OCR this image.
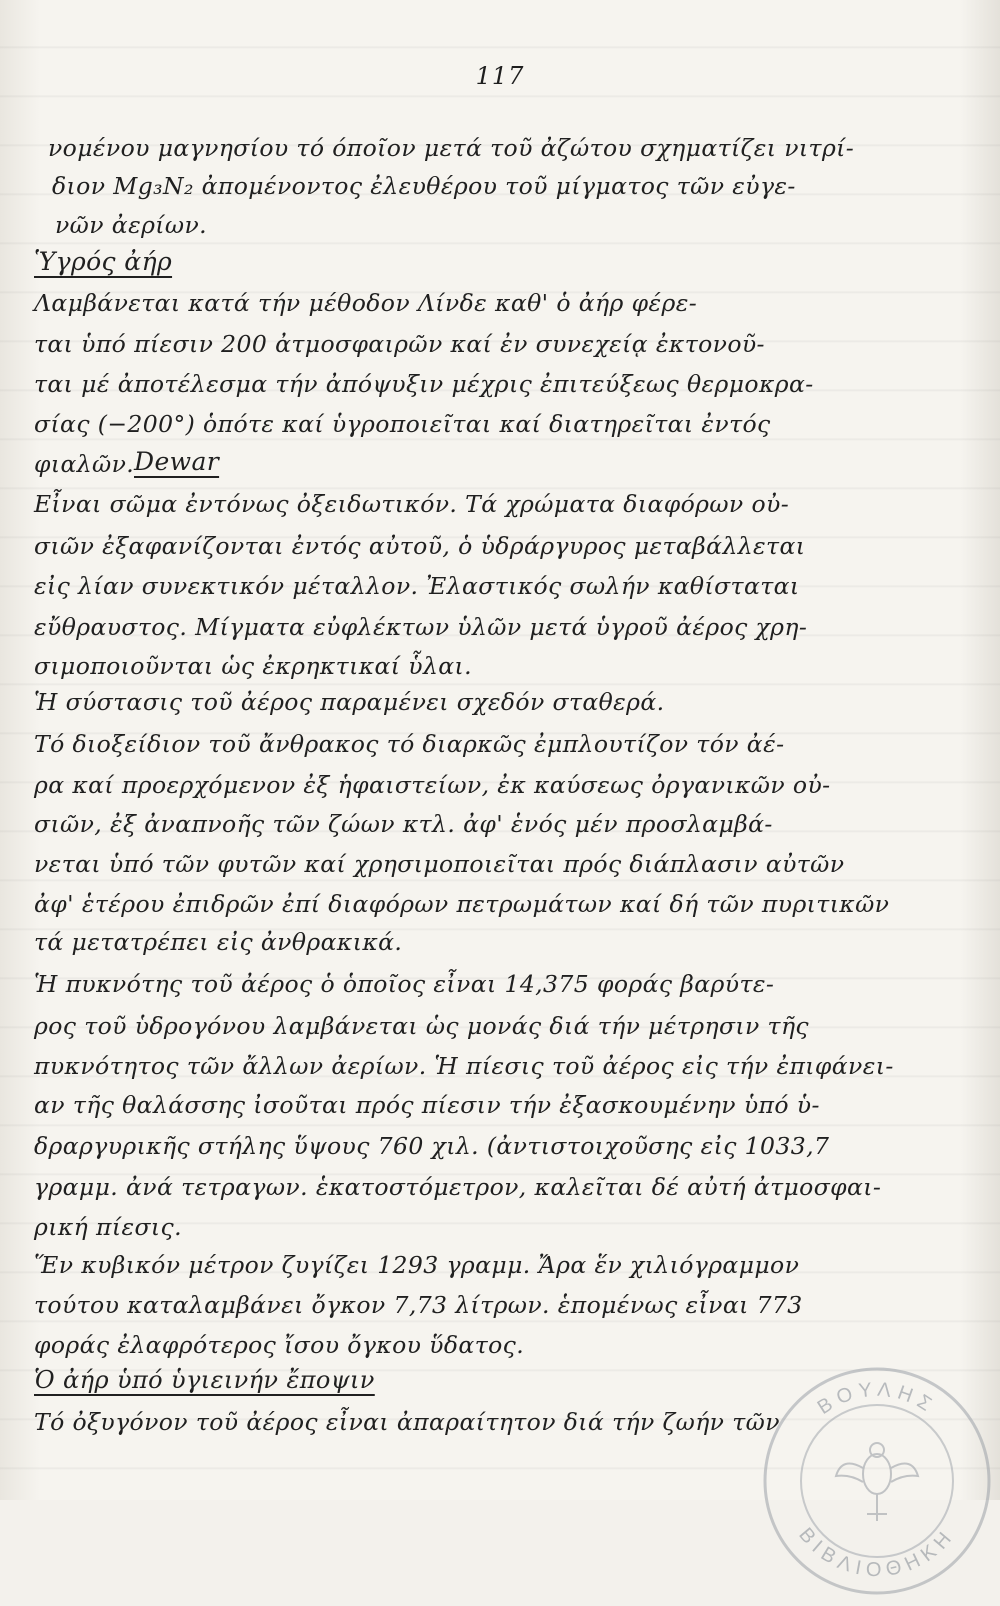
117
νομένου μαγνησίου τό όποῖον μετά τοῦ ἀζώτου σχηματίζει νιτρί-
διον Mg₃N₂ ἀπομένοντος ἐλευθέρου τοῦ μίγματος τῶν εὐγε-
νῶν ἀερίων.
Ὑγρός ἀήρ
Λαμβάνεται κατά τήν μέθοδον Λίνδε καθ' ὁ ἀήρ φέρε-
ται ὑπό πίεσιν 200 ἀτμοσφαιρῶν καί ἐν συνεχείᾳ ἐκτονοῦ-
ται μέ ἀποτέλεσμα τήν ἀπόψυξιν μέχρις ἐπιτεύξεως θερμοκρα-
σίας (−200°) ὁπότε καί ὑγροποιεῖται καί διατηρεῖται ἐντός
φιαλῶν. Dewar
Εἶναι σῶμα ἐντόνως ὀξειδωτικόν. Τά χρώματα διαφόρων οὐ-
σιῶν ἐξαφανίζονται ἐντός αὐτοῦ, ὁ ὑδράργυρος μεταβάλλεται
εἰς λίαν συνεκτικόν μέταλλον. Ἐλαστικός σωλήν καθίσταται
εὔθραυστος. Μίγματα εὐφλέκτων ὑλῶν μετά ὑγροῦ ἀέρος χρη-
σιμοποιοῦνται ὡς ἐκρηκτικαί ὗλαι.
Ἡ σύστασις τοῦ ἀέρος παραμένει σχεδόν σταθερά.
Τό διοξείδιον τοῦ ἄνθρακος τό διαρκῶς ἐμπλουτίζον τόν ἀέ-
ρα καί προερχόμενον ἐξ ἡφαιστείων, ἐκ καύσεως ὀργανικῶν οὐ-
σιῶν, ἐξ ἀναπνοῆς τῶν ζώων κτλ. ἀφ' ἑνός μέν προσλαμβά-
νεται ὑπό τῶν φυτῶν καί χρησιμοποιεῖται πρός διάπλασιν αὐτῶν
ἀφ' ἑτέρου ἐπιδρῶν ἐπί διαφόρων πετρωμάτων καί δή τῶν πυριτικῶν
τά μετατρέπει εἰς ἀνθρακικά.
Ἡ πυκνότης τοῦ ἀέρος ὁ ὁποῖος εἶναι 14,375 φοράς βαρύτε-
ρος τοῦ ὑδρογόνου λαμβάνεται ὡς μονάς διά τήν μέτρησιν τῆς
πυκνότητος τῶν ἄλλων ἀερίων. Ἡ πίεσις τοῦ ἀέρος εἰς τήν ἐπιφάνει-
αν τῆς θαλάσσης ἰσοῦται πρός πίεσιν τήν ἐξασκουμένην ὑπό ὑ-
δραργυρικῆς στήλης ὕψους 760 χιλ. (ἀντιστοιχοῦσης εἰς 1033,7
γραμμ. ἀνά τετραγων. ἑκατοστόμετρον, καλεῖται δέ αὐτή ἀτμοσφαι-
ρική πίεσις.
Ἕν κυβικόν μέτρον ζυγίζει 1293 γραμμ. Ἄρα ἕν χιλιόγραμμον
τούτου καταλαμβάνει ὄγκον 7,73 λίτρων. ἑπομένως εἶναι 773
φοράς ἐλαφρότερος ἴσου ὄγκου ὕδατος.
Ὁ ἀήρ ὑπό ὑγιεινήν ἔποψιν
Τό ὀξυγόνον τοῦ ἀέρος εἶναι ἀπαραίτητον διά τήν ζωήν τῶν
ΒΟΥΛΗΣ
ΒΙΒΛΙΟΘΗΚΗ
